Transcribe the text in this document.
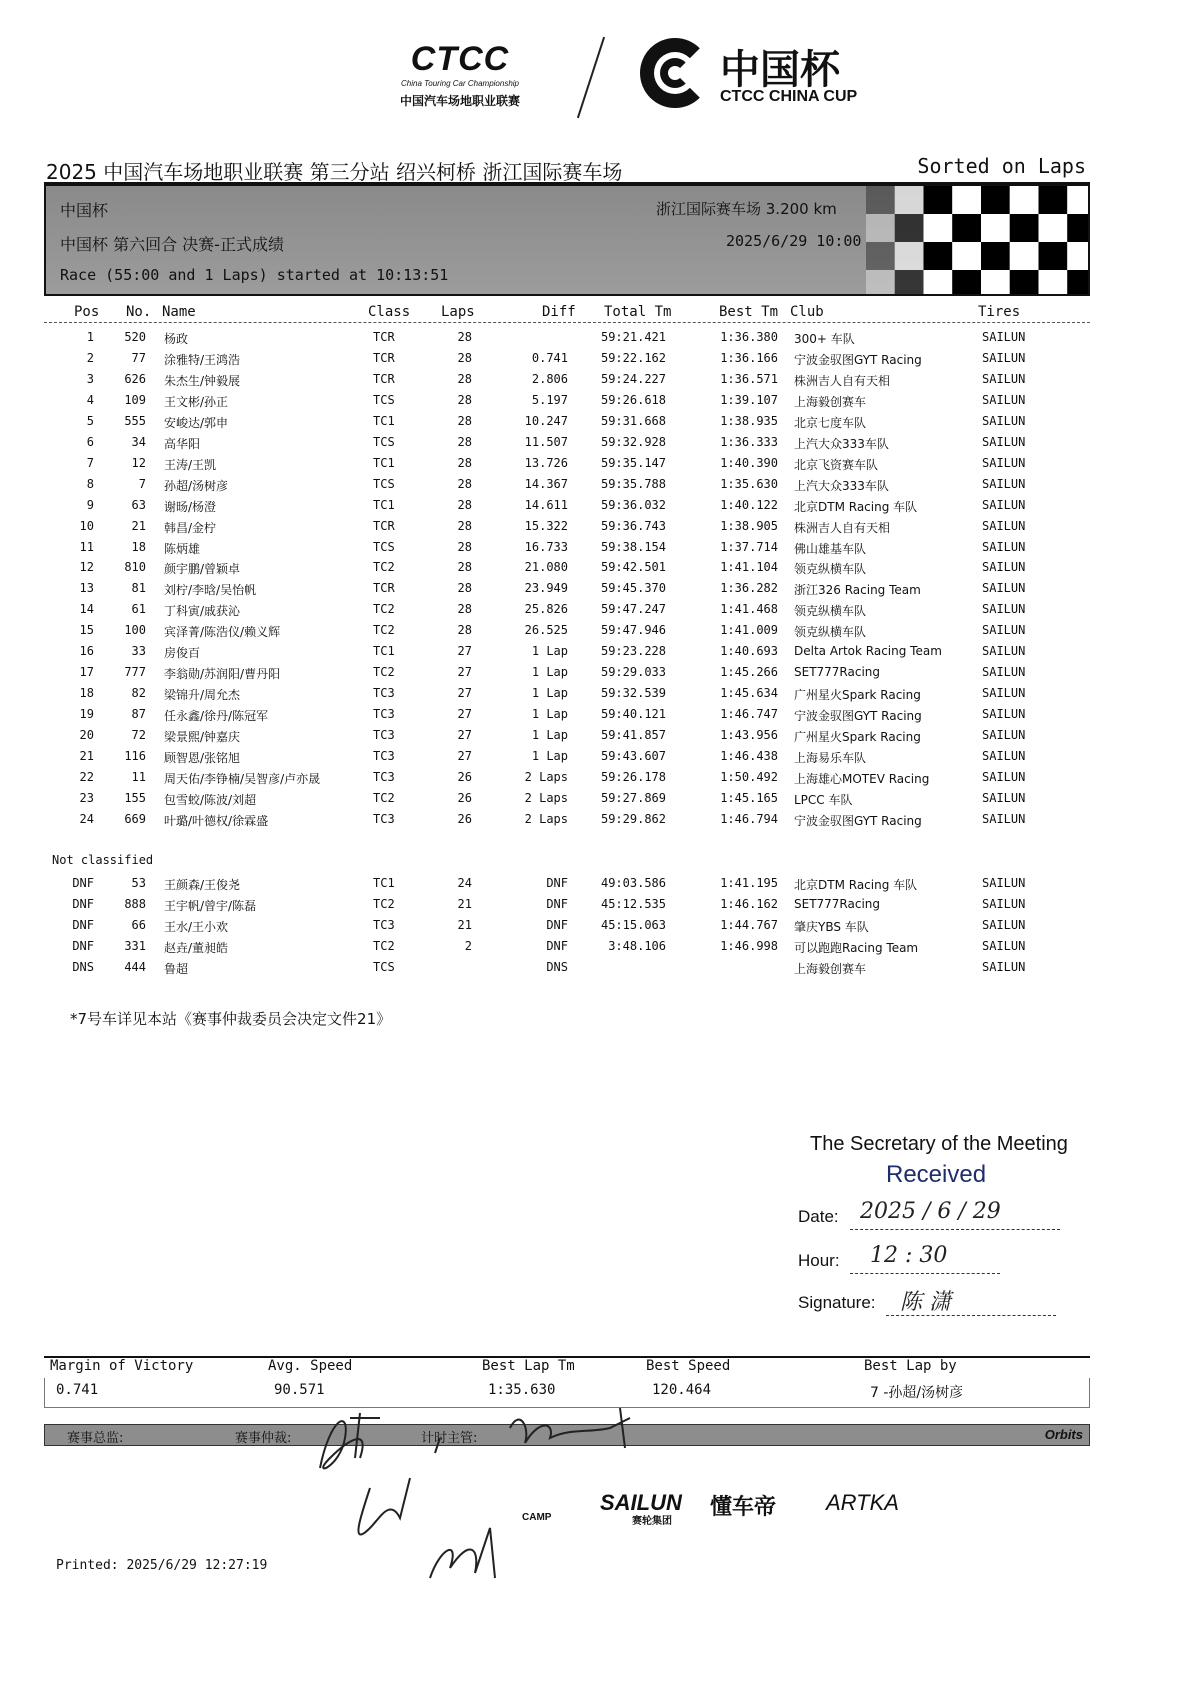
CTCC
China Touring Car Championship
中国汽车场地职业联赛
中国杯
CTCC CHINA CUP
2025 中国汽车场地职业联赛 第三分站 绍兴柯桥 浙江国际赛车场	Sorted on Laps
中国杯
中国杯 第六回合 决赛-正式成绩
Race (55:00 and 1 Laps) started at 10:13:51
浙江国际赛车场 3.200 km
2025/6/29 10:00
Pos No. Name	Class Laps	Diff Total Tm	Best Tm Club	Tires
1	520 杨政	TCR	28	59:21.421	1:36.380 300+ 车队	SAILUN
2	77 涂雅特/王鸿浩	TCR	28	0.741	59:22.162	1:36.166 宁波金驭图GYT Racing	SAILUN
3	626 朱杰生/钟毅展	TCR	28	2.806	59:24.227	1:36.571 株洲吉人自有天相	SAILUN
4	109 王文彬/孙正	TCS	28	5.197	59:26.618	1:39.107 上海毅创赛车	SAILUN
5	555 安峻达/郭申	TC1	28	10.247	59:31.668	1:38.935 北京七度车队	SAILUN
6	34 高华阳	TCS	28	11.507	59:32.928	1:36.333 上汽大众333车队	SAILUN
7	12 王涛/王凯	TC1	28	13.726	59:35.147	1:40.390 北京飞资赛车队	SAILUN
8	7 孙超/汤树彦	TCS	28	14.367	59:35.788	1:35.630 上汽大众333车队	SAILUN
9	63 谢旸/杨澄	TC1	28	14.611	59:36.032	1:40.122 北京DTM Racing 车队	SAILUN
10	21 韩昌/金柠	TCR	28	15.322	59:36.743	1:38.905 株洲吉人自有天相	SAILUN
11	18 陈炳雄	TCS	28	16.733	59:38.154	1:37.714 佛山雄基车队	SAILUN
12	810 颜宇鹏/曾颖卓	TC2	28	21.080	59:42.501	1:41.104 领克纵横车队	SAILUN
13	81 刘柠/李晗/吴怡帆	TCR	28	23.949	59:45.370	1:36.282 浙江326 Racing Team	SAILUN
14	61 丁科寅/戚获沁	TC2	28	25.826	59:47.247	1:41.468 领克纵横车队	SAILUN
15	100 宾泽菁/陈浩仪/赖义辉	TC2	28	26.525	59:47.946	1:41.009 领克纵横车队	SAILUN
16	33 房俊百	TC1	27	1 Lap	59:23.228	1:40.693 Delta Artok Racing Team	SAILUN
17	777 李翁勋/苏润阳/曹丹阳	TC2	27	1 Lap	59:29.033	1:45.266 SET777Racing	SAILUN
18	82 梁锦升/周允杰	TC3	27	1 Lap	59:32.539	1:45.634 广州星火Spark Racing	SAILUN
19	87 任永鑫/徐丹/陈冠军	TC3	27	1 Lap	59:40.121	1:46.747 宁波金驭图GYT Racing	SAILUN
20	72 梁景熙/钟嘉庆	TC3	27	1 Lap	59:41.857	1:43.956 广州星火Spark Racing	SAILUN
21	116 顾智恩/张铭旭	TC3	27	1 Lap	59:43.607	1:46.438 上海易乐车队	SAILUN
22	11 周天佑/李铮楠/吴智彦/卢亦晟	TC3	26	2 Laps	59:26.178	1:50.492 上海雄心MOTEV Racing	SAILUN
23	155 包雪蛟/陈波/刘超	TC2	26	2 Laps	59:27.869	1:45.165 LPCC 车队	SAILUN
24	669 叶璐/叶德权/徐霖盛	TC3	26	2 Laps	59:29.862	1:46.794 宁波金驭图GYT Racing	SAILUN
Not classified
DNF	53 王颜森/王俊尧	TC1	24	DNF	49:03.586	1:41.195 北京DTM Racing 车队	SAILUN
DNF	888 王宇帆/曾宇/陈磊	TC2	21	DNF	45:12.535	1:46.162 SET777Racing	SAILUN
DNF	66 王水/王小欢	TC3	21	DNF	45:15.063	1:44.767 肇庆YBS 车队	SAILUN
DNF	331 赵垚/董昶皓	TC2	2	DNF	3:48.106	1:46.998 可以跑跑Racing Team	SAILUN
DNS	444 鲁超	TCS	DNS	上海毅创赛车	SAILUN
*7号车详见本站《赛事仲裁委员会决定文件21》
The Secretary of the Meeting
Received
Date: 2025 / 6 / 29
Hour: 12 : 30
Signature: 陈 潇
Margin of Victory	Avg. Speed	Best Lap Tm	Best Speed	Best Lap by
0.741	90.571	1:35.630	120.464	7 -孙超/汤树彦
赛事总监:	赛事仲裁:	计时主管:	Orbits
CAMP
SAILUN
赛轮集团
懂车帝 ARTKA
Printed: 2025/6/29 12:27:19
